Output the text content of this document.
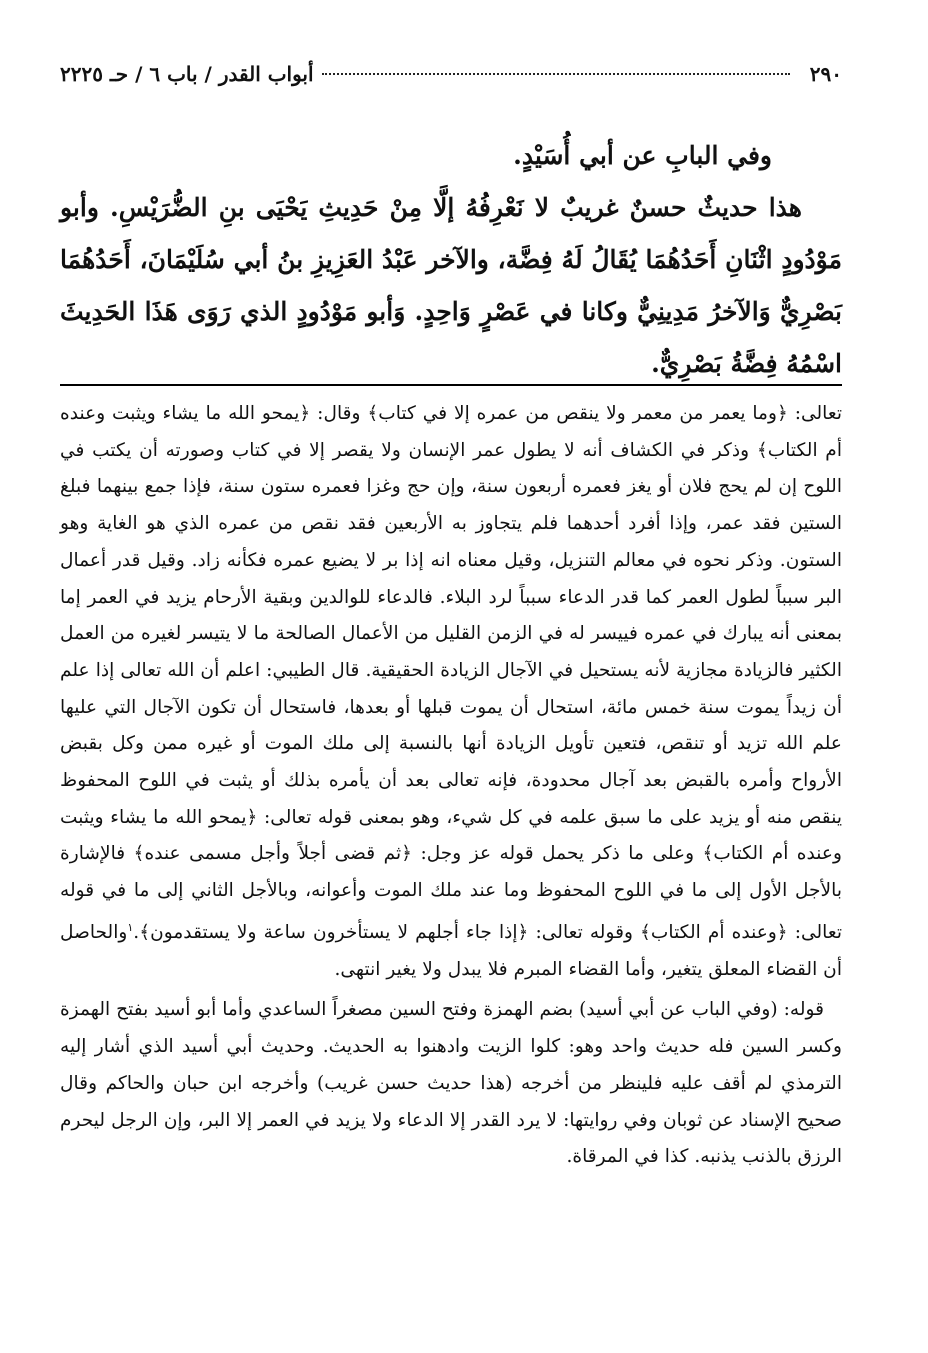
٢٩٠
أبواب القدر / باب ٦ / حـ ٢٢٢٥

وفي البابِ عن أبي أُسَيْدٍ.

هذا حديثٌ حسنٌ غريبٌ لا نَعْرِفُهُ إلَّا مِنْ حَدِيثِ يَحْيَى بنِ الضُّرَيْسِ. وأبو مَوْدُودٍ اثْنَانِ أَحَدُهُمَا يُقَالُ لَهُ فِضَّة، والآخر عَبْدُ العَزِيزِ بنُ أبي سُلَيْمَانَ، أَحَدُهُمَا بَصْرِيٌّ وَالآخرُ مَدِينِيٌّ وكانا في عَصْرٍ وَاحِدٍ. وَأبو مَوْدُودٍ الذي رَوَى هَذَا الحَدِيثَ اسْمُهُ فِضَّةُ بَصْرِيٌّ.

تعالى: ﴿وما يعمر من معمر ولا ينقص من عمره إلا في كتاب﴾ وقال: ﴿يمحو الله ما يشاء ويثبت وعنده أم الكتاب﴾ وذكر في الكشاف أنه لا يطول عمر الإنسان ولا يقصر إلا في كتاب وصورته أن يكتب في اللوح إن لم يحج فلان أو يغز فعمره أربعون سنة، وإن حج وغزا فعمره ستون سنة، فإذا جمع بينهما فبلغ الستين فقد عمر، وإذا أفرد أحدهما فلم يتجاوز به الأربعين فقد نقص من عمره الذي هو الغاية وهو الستون. وذكر نحوه في معالم التنزيل، وقيل معناه انه إذا بر لا يضيع عمره فكأنه زاد. وقيل قدر أعمال البر سبباً لطول العمر كما قدر الدعاء سبباً لرد البلاء. فالدعاء للوالدين وبقية الأرحام يزيد في العمر إما بمعنى أنه يبارك في عمره فييسر له في الزمن القليل من الأعمال الصالحة ما لا يتيسر لغيره من العمل الكثير فالزيادة مجازية لأنه يستحيل في الآجال الزيادة الحقيقية. قال الطيبي: اعلم أن الله تعالى إذا علم أن زيداً يموت سنة خمس مائة، استحال أن يموت قبلها أو بعدها، فاستحال أن تكون الآجال التي عليها علم الله تزيد أو تنقص، فتعين تأويل الزيادة أنها بالنسبة إلى ملك الموت أو غيره ممن وكل بقبض الأرواح وأمره بالقبض بعد آجال محدودة، فإنه تعالى بعد أن يأمره بذلك أو يثبت في اللوح المحفوظ ينقص منه أو يزيد على ما سبق علمه في كل شيء، وهو بمعنى قوله تعالى: ﴿يمحو الله ما يشاء ويثبت وعنده أم الكتاب﴾ وعلى ما ذكر يحمل قوله عز وجل: ﴿ثم قضى أجلاً وأجل مسمى عنده﴾ فالإشارة بالأجل الأول إلى ما في اللوح المحفوظ وما عند ملك الموت وأعوانه، وبالأجل الثاني إلى ما في قوله تعالى: ﴿وعنده أم الكتاب﴾ وقوله تعالى: ﴿إذا جاء أجلهم لا يستأخرون ساعة ولا يستقدمون﴾.$^١$والحاصل أن القضاء المعلق يتغير، وأما القضاء المبرم فلا يبدل ولا يغير انتهى.

قوله: (وفي الباب عن أبي أسيد) بضم الهمزة وفتح السين مصغراً الساعدي وأما أبو أسيد بفتح الهمزة وكسر السين فله حديث واحد وهو: كلوا الزيت وادهنوا به الحديث. وحديث أبي أسيد الذي أشار إليه الترمذي لم أقف عليه فلينظر من أخرجه (هذا حديث حسن غريب) وأخرجه ابن حبان والحاكم وقال صحيح الإسناد عن ثوبان وفي روايتها: لا يرد القدر إلا الدعاء ولا يزيد في العمر إلا البر، وإن الرجل ليحرم الرزق بالذنب يذنبه. كذا في المرقاة.
